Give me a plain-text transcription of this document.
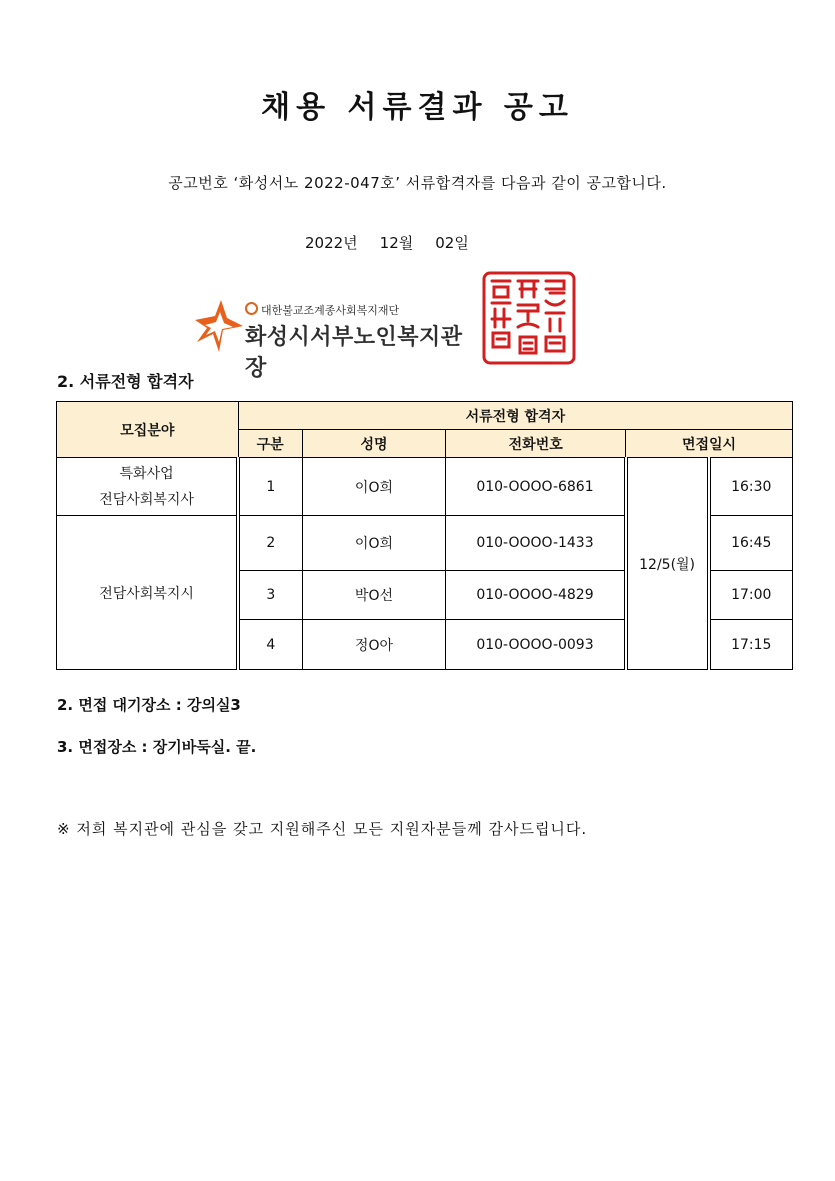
채용 서류결과 공고
공고번호 ‘화성서노 2022-047호’ 서류합격자를 다음과 같이 공고합니다.
2022년 12월 02일
대한불교조계종사회복지재단
화성시서부노인복지관장
2. 서류전형 합격자
모집분야	서류전형 합격자				
	구분	성명	전화번호	면접일시	

특화사업
전담사회복지사	1	이O희	010-OOOO-6861	12/5(월)	16:30

전담사회복지시	2	이O희	010-OOOO-1433		16:45
	3	박O선	010-OOOO-4829		17:00
	4	정O아	010-OOOO-0093		17:15
2. 면접 대기장소 : 강의실3
3. 면접장소 : 장기바둑실. 끝.
※ 저희 복지관에 관심을 갖고 지원해주신 모든 지원자분들께 감사드립니다.
